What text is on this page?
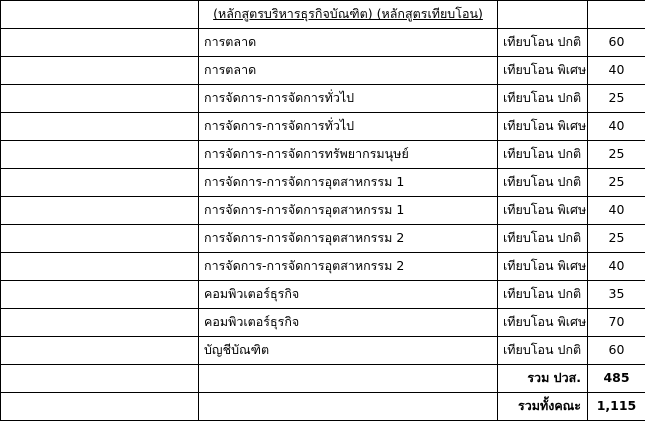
	(หลักสูตรบริหารธุรกิจบัณฑิต) (หลักสูตรเทียบโอน)		
	การตลาด	เทียบโอน ปกติ	60
	การตลาด	เทียบโอน พิเศษ	40
	การจัดการ-การจัดการทั่วไป	เทียบโอน ปกติ	25
	การจัดการ-การจัดการทั่วไป	เทียบโอน พิเศษ	40
	การจัดการ-การจัดการทรัพยากรมนุษย์	เทียบโอน ปกติ	25
	การจัดการ-การจัดการอุตสาหกรรม 1	เทียบโอน ปกติ	25
	การจัดการ-การจัดการอุตสาหกรรม 1	เทียบโอน พิเศษ	40
	การจัดการ-การจัดการอุตสาหกรรม 2	เทียบโอน ปกติ	25
	การจัดการ-การจัดการอุตสาหกรรม 2	เทียบโอน พิเศษ	40
	คอมพิวเตอร์ธุรกิจ	เทียบโอน ปกติ	35
	คอมพิวเตอร์ธุรกิจ	เทียบโอน พิเศษ	70
	บัญชีบัณฑิต	เทียบโอน ปกติ	60
		รวม ปวส.	485
		รวมทั้งคณะ	1,115
